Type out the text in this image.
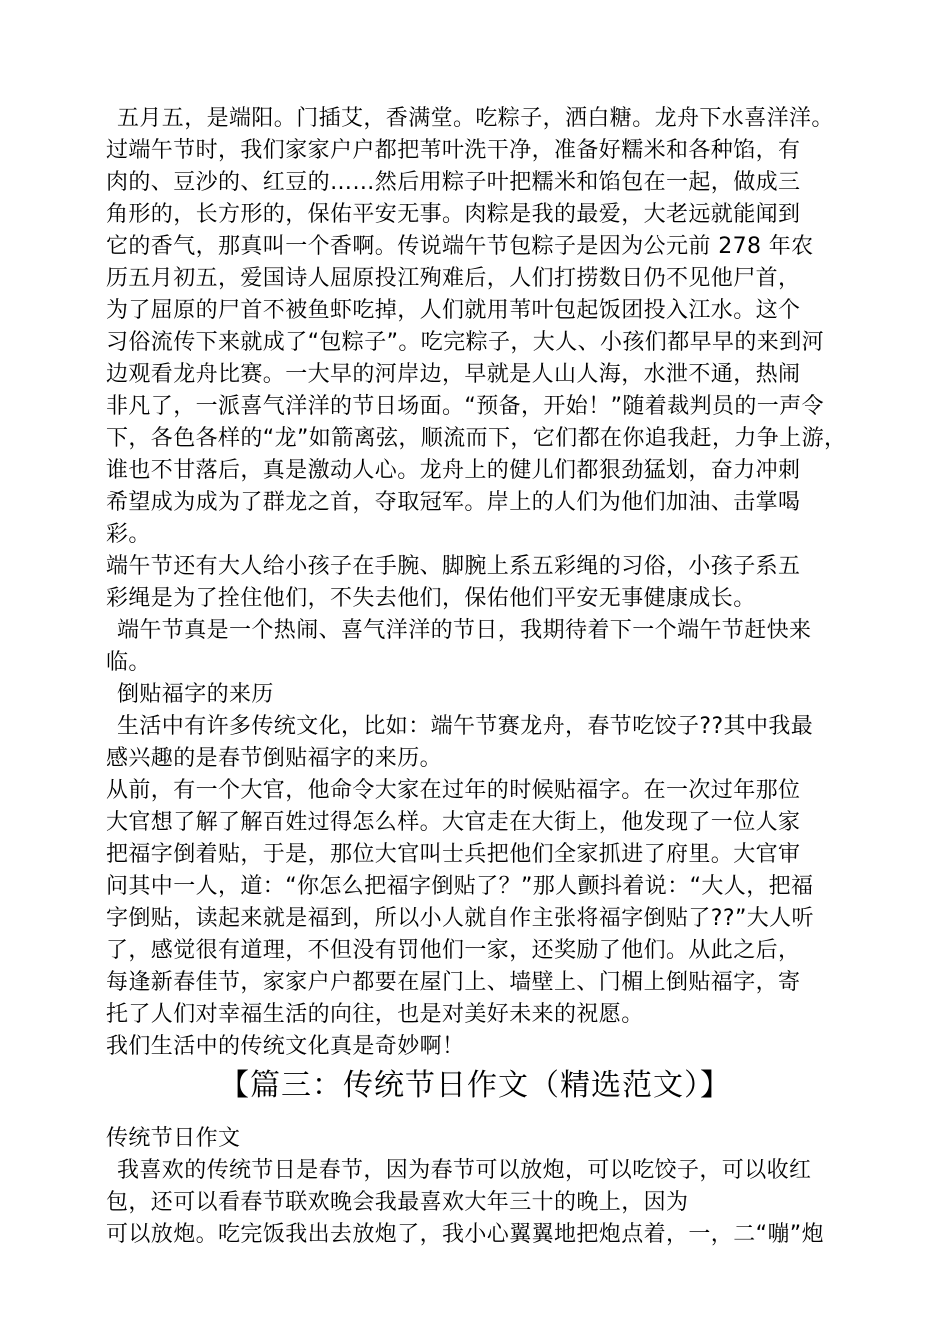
五月五，是端阳。门插艾，香满堂。吃粽子，洒白糖。龙舟下水喜洋洋。
过端午节时，我们家家户户都把苇叶洗干净，准备好糯米和各种馅，有
肉的、豆沙的、红豆的……然后用粽子叶把糯米和馅包在一起，做成三
角形的，长方形的，保佑平安无事。肉粽是我的最爱，大老远就能闻到
它的香气，那真叫一个香啊。传说端午节包粽子是因为公元前 278 年农
历五月初五，爱国诗人屈原投江殉难后，人们打捞数日仍不见他尸首，
为了屈原的尸首不被鱼虾吃掉，人们就用苇叶包起饭团投入江水。这个
习俗流传下来就成了“包粽子”。吃完粽子，大人、小孩们都早早的来到河
边观看龙舟比赛。一大早的河岸边，早就是人山人海，水泄不通，热闹
非凡了，一派喜气洋洋的节日场面。“预备，开始！”随着裁判员的一声令
下，各色各样的“龙”如箭离弦，顺流而下，它们都在你追我赶，力争上游，
谁也不甘落后，真是激动人心。龙舟上的健儿们都狠劲猛划，奋力冲刺
希望成为成为了群龙之首，夺取冠军。岸上的人们为他们加油、击掌喝
彩。
端午节还有大人给小孩子在手腕、脚腕上系五彩绳的习俗，小孩子系五
彩绳是为了拴住他们，不失去他们，保佑他们平安无事健康成长。
端午节真是一个热闹、喜气洋洋的节日，我期待着下一个端午节赶快来
临。
倒贴福字的来历
生活中有许多传统文化，比如：端午节赛龙舟，春节吃饺子??其中我最
感兴趣的是春节倒贴福字的来历。
从前，有一个大官，他命令大家在过年的时候贴福字。在一次过年那位
大官想了解了解百姓过得怎么样。大官走在大街上，他发现了一位人家
把福字倒着贴，于是，那位大官叫士兵把他们全家抓进了府里。大官审
问其中一人，道：“你怎么把福字倒贴了？”那人颤抖着说：“大人，把福
字倒贴，读起来就是福到，所以小人就自作主张将福字倒贴了??”大人听
了，感觉很有道理，不但没有罚他们一家，还奖励了他们。从此之后，
每逢新春佳节，家家户户都要在屋门上、墙壁上、门楣上倒贴福字，寄
托了人们对幸福生活的向往，也是对美好未来的祝愿。
我们生活中的传统文化真是奇妙啊！
【篇三：传统节日作文（精选范文）】
传统节日作文
我喜欢的传统节日是春节，因为春节可以放炮，可以吃饺子，可以收红
包，还可以看春节联欢晚会我最喜欢大年三十的晚上，因为
可以放炮。吃完饭我出去放炮了，我小心翼翼地把炮点着，一，二“嘣”炮
